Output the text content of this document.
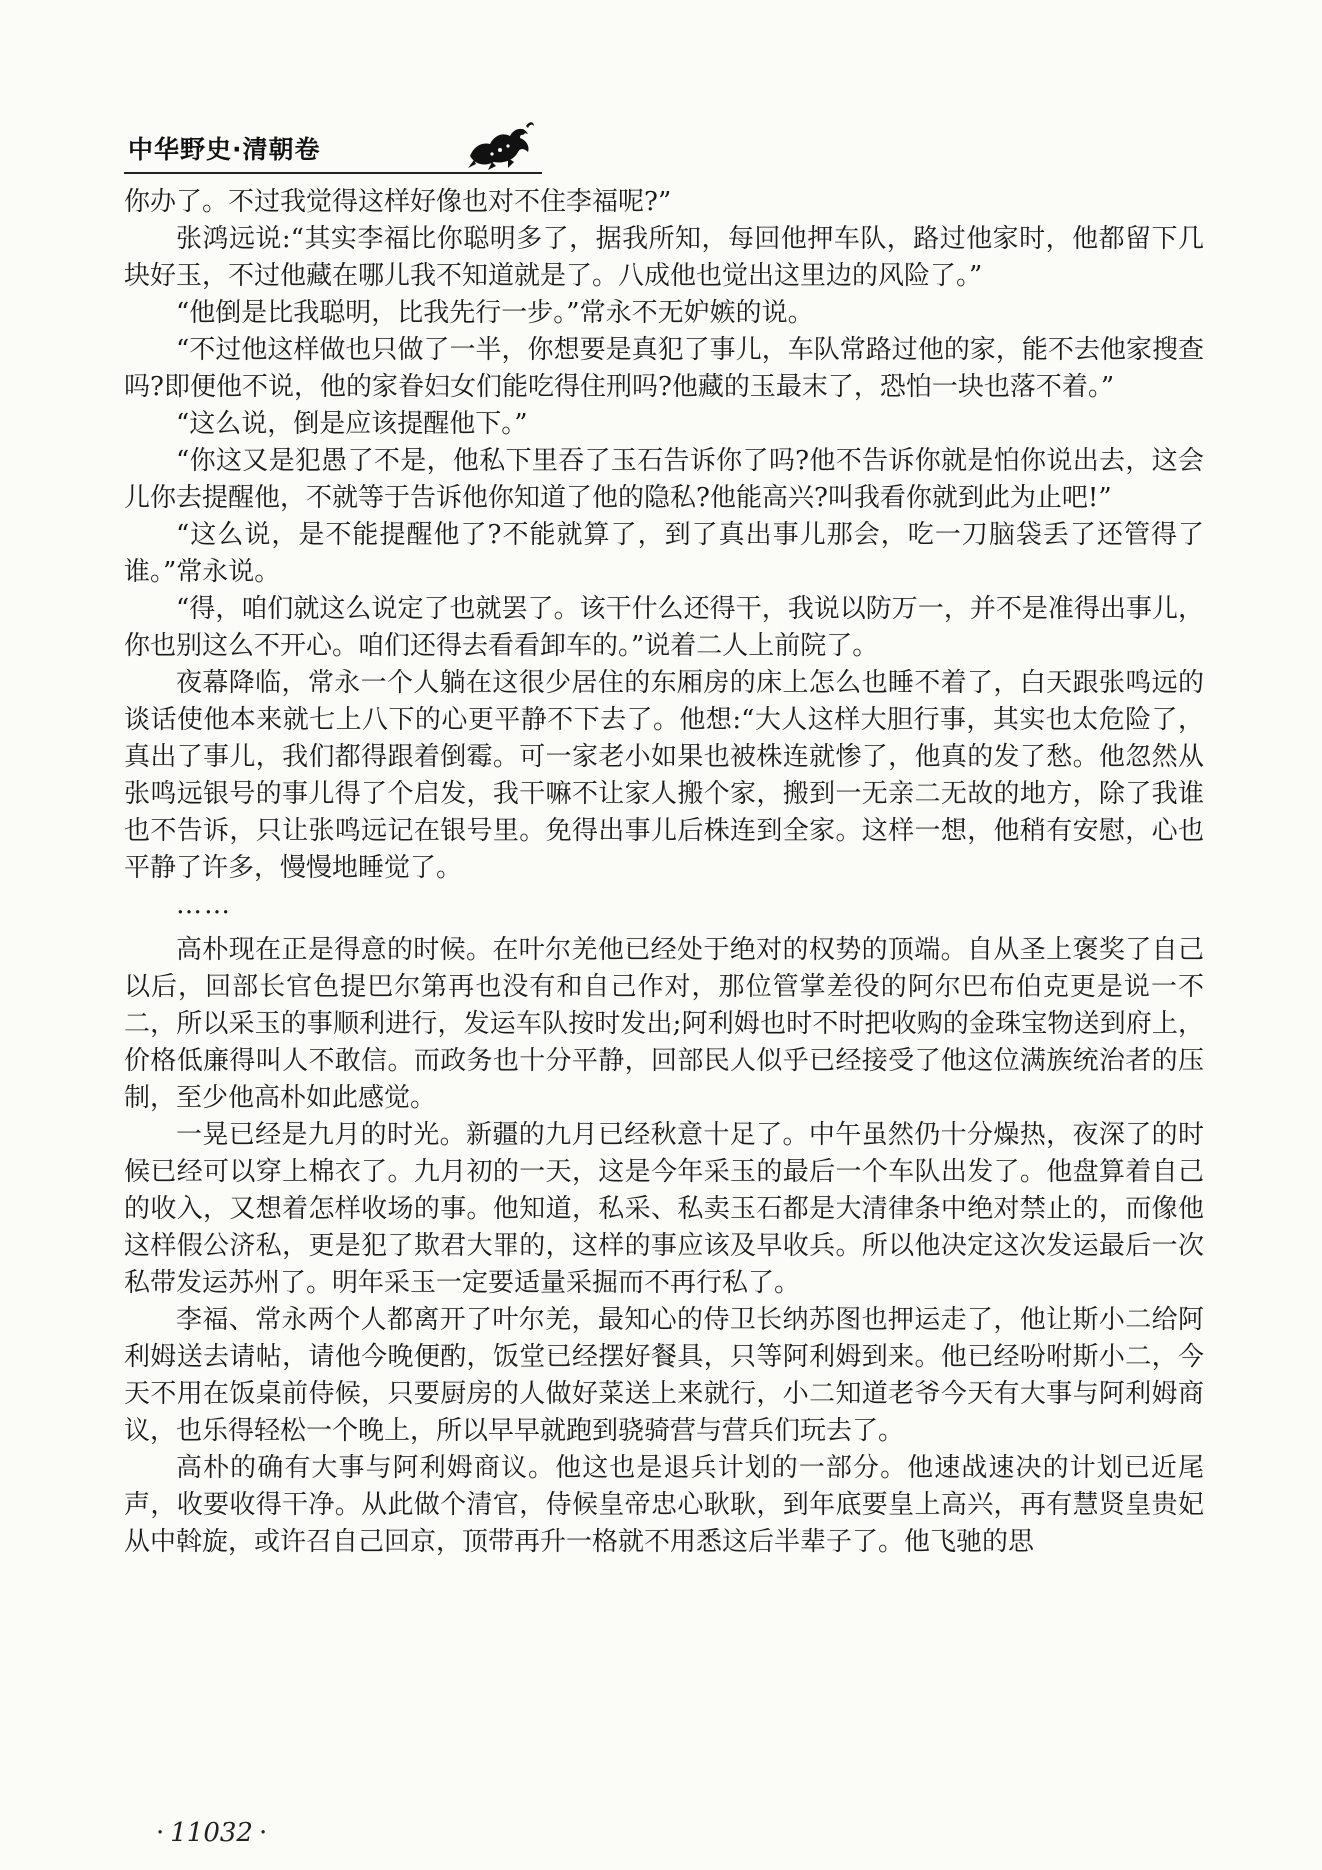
中华野史·清朝卷

你办了。不过我觉得这样好像也对不住李福呢?”

张鸿远说:“其实李福比你聪明多了，据我所知，每回他押车队，路过他家时，他都留下几块好玉，不过他藏在哪儿我不知道就是了。八成他也觉出这里边的风险了。”

“他倒是比我聪明，比我先行一步。”常永不无妒嫉的说。

“不过他这样做也只做了一半，你想要是真犯了事儿，车队常路过他的家，能不去他家搜查吗?即便他不说，他的家眷妇女们能吃得住刑吗?他藏的玉最末了，恐怕一块也落不着。”

“这么说，倒是应该提醒他下。”

“你这又是犯愚了不是，他私下里吞了玉石告诉你了吗?他不告诉你就是怕你说出去，这会儿你去提醒他，不就等于告诉他你知道了他的隐私?他能高兴?叫我看你就到此为止吧!”

“这么说，是不能提醒他了?不能就算了，到了真出事儿那会，吃一刀脑袋丢了还管得了谁。”常永说。

“得，咱们就这么说定了也就罢了。该干什么还得干，我说以防万一，并不是准得出事儿，你也别这么不开心。咱们还得去看看卸车的。”说着二人上前院了。

夜幕降临，常永一个人躺在这很少居住的东厢房的床上怎么也睡不着了，白天跟张鸣远的谈话使他本来就七上八下的心更平静不下去了。他想:“大人这样大胆行事，其实也太危险了，真出了事儿，我们都得跟着倒霉。可一家老小如果也被株连就惨了，他真的发了愁。他忽然从张鸣远银号的事儿得了个启发，我干嘛不让家人搬个家，搬到一无亲二无故的地方，除了我谁也不告诉，只让张鸣远记在银号里。免得出事儿后株连到全家。这样一想，他稍有安慰，心也平静了许多，慢慢地睡觉了。

……

高朴现在正是得意的时候。在叶尔羌他已经处于绝对的权势的顶端。自从圣上褒奖了自己以后，回部长官色提巴尔第再也没有和自己作对，那位管掌差役的阿尔巴布伯克更是说一不二，所以采玉的事顺利进行，发运车队按时发出;阿利姆也时不时把收购的金珠宝物送到府上，价格低廉得叫人不敢信。而政务也十分平静，回部民人似乎已经接受了他这位满族统治者的压制，至少他高朴如此感觉。

一晃已经是九月的时光。新疆的九月已经秋意十足了。中午虽然仍十分燥热，夜深了的时候已经可以穿上棉衣了。九月初的一天，这是今年采玉的最后一个车队出发了。他盘算着自己的收入，又想着怎样收场的事。他知道，私采、私卖玉石都是大清律条中绝对禁止的，而像他这样假公济私，更是犯了欺君大罪的，这样的事应该及早收兵。所以他决定这次发运最后一次私带发运苏州了。明年采玉一定要适量采掘而不再行私了。

李福、常永两个人都离开了叶尔羌，最知心的侍卫长纳苏图也押运走了，他让斯小二给阿利姆送去请帖，请他今晚便酌，饭堂已经摆好餐具，只等阿利姆到来。他已经吩咐斯小二，今天不用在饭桌前侍候，只要厨房的人做好菜送上来就行，小二知道老爷今天有大事与阿利姆商议，也乐得轻松一个晚上，所以早早就跑到骁骑营与营兵们玩去了。

高朴的确有大事与阿利姆商议。他这也是退兵计划的一部分。他速战速决的计划已近尾声，收要收得干净。从此做个清官，侍候皇帝忠心耿耿，到年底要皇上高兴，再有慧贤皇贵妃从中斡旋，或许召自己回京，顶带再升一格就不用悉这后半辈子了。他飞驰的思

· 11032 ·
